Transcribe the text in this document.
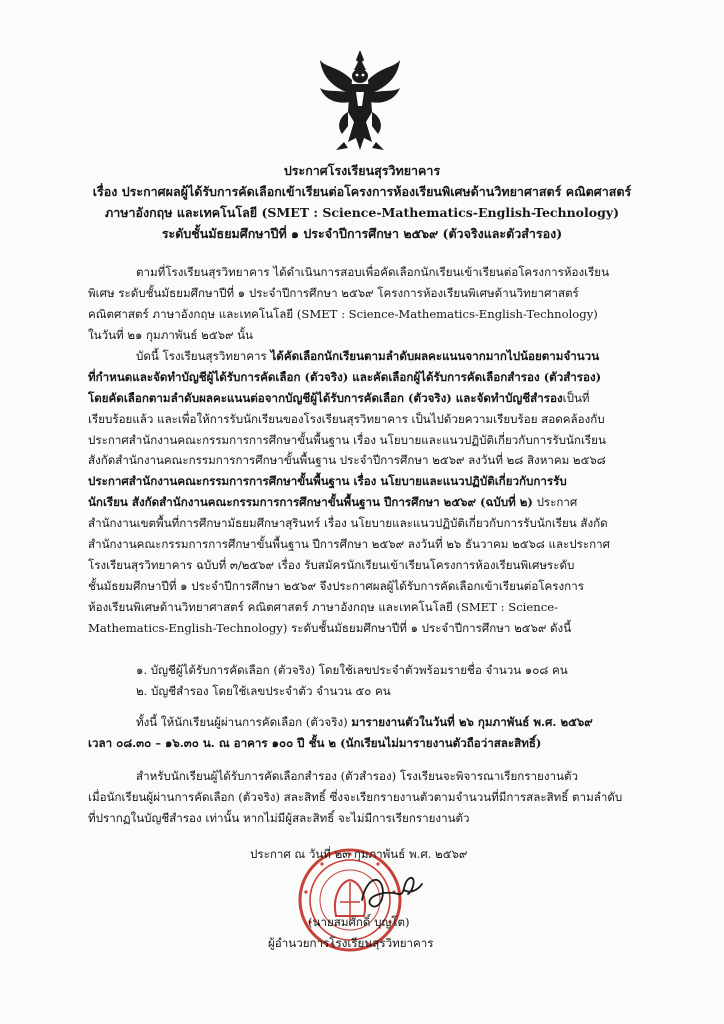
ประกาศโรงเรียนสุรวิทยาคาร
เรื่อง ประกาศผลผู้ได้รับการคัดเลือกเข้าเรียนต่อโครงการห้องเรียนพิเศษด้านวิทยาศาสตร์ คณิตศาสตร์
ภาษาอังกฤษ และเทคโนโลยี (SMET : Science-Mathematics-English-Technology)
ระดับชั้นมัธยมศึกษาปีที่ ๑ ประจำปีการศึกษา ๒๕๖๙ (ตัวจริงและตัวสำรอง)
ตามที่โรงเรียนสุรวิทยาคาร ได้ดำเนินการสอบเพื่อคัดเลือกนักเรียนเข้าเรียนต่อโครงการห้องเรียน
พิเศษ ระดับชั้นมัธยมศึกษาปีที่ ๑ ประจำปีการศึกษา ๒๕๖๙ โครงการห้องเรียนพิเศษด้านวิทยาศาสตร์
คณิตศาสตร์ ภาษาอังกฤษ และเทคโนโลยี (SMET : Science-Mathematics-English-Technology)
ในวันที่ ๒๑ กุมภาพันธ์ ๒๕๖๙ นั้น
บัดนี้ โรงเรียนสุรวิทยาคาร ได้คัดเลือกนักเรียนตามลำดับผลคะแนนจากมากไปน้อยตามจำนวน
ที่กำหนดและจัดทำบัญชีผู้ได้รับการคัดเลือก (ตัวจริง) และคัดเลือกผู้ได้รับการคัดเลือกสำรอง (ตัวสำรอง)
โดยคัดเลือกตามลำดับผลคะแนนต่อจากบัญชีผู้ได้รับการคัดเลือก (ตัวจริง) และจัดทำบัญชีสำรองเป็นที่
เรียบร้อยแล้ว และเพื่อให้การรับนักเรียนของโรงเรียนสุรวิทยาคาร เป็นไปด้วยความเรียบร้อย สอดคล้องกับ
ประกาศสำนักงานคณะกรรมการการศึกษาขั้นพื้นฐาน เรื่อง นโยบายและแนวปฏิบัติเกี่ยวกับการรับนักเรียน
สังกัดสำนักงานคณะกรรมการการศึกษาขั้นพื้นฐาน ประจำปีการศึกษา ๒๕๖๙ ลงวันที่ ๒๘ สิงหาคม ๒๕๖๘
ประกาศสำนักงานคณะกรรมการการศึกษาขั้นพื้นฐาน เรื่อง นโยบายและแนวปฏิบัติเกี่ยวกับการรับ
นักเรียน สังกัดสำนักงานคณะกรรมการการศึกษาขั้นพื้นฐาน ปีการศึกษา ๒๕๖๙ (ฉบับที่ ๒) ประกาศ
สำนักงานเขตพื้นที่การศึกษามัธยมศึกษาสุรินทร์ เรื่อง นโยบายและแนวปฏิบัติเกี่ยวกับการรับนักเรียน สังกัด
สำนักงานคณะกรรมการการศึกษาขั้นพื้นฐาน ปีการศึกษา ๒๕๖๙ ลงวันที่ ๒๖ ธันวาคม ๒๕๖๘ และประกาศ
โรงเรียนสุรวิทยาคาร ฉบับที่ ๓/๒๕๖๙ เรื่อง รับสมัครนักเรียนเข้าเรียนโครงการห้องเรียนพิเศษระดับ
ชั้นมัธยมศึกษาปีที่ ๑ ประจำปีการศึกษา ๒๕๖๙ จึงประกาศผลผู้ได้รับการคัดเลือกเข้าเรียนต่อโครงการ
ห้องเรียนพิเศษด้านวิทยาศาสตร์ คณิตศาสตร์ ภาษาอังกฤษ และเทคโนโลยี (SMET : Science-
Mathematics-English-Technology) ระดับชั้นมัธยมศึกษาปีที่ ๑ ประจำปีการศึกษา ๒๕๖๙ ดังนี้
๑. บัญชีผู้ได้รับการคัดเลือก (ตัวจริง) โดยใช้เลขประจำตัวพร้อมรายชื่อ จำนวน ๑๐๘ คน
๒. บัญชีสำรอง โดยใช้เลขประจำตัว จำนวน ๕๐ คน
ทั้งนี้ ให้นักเรียนผู้ผ่านการคัดเลือก (ตัวจริง) มารายงานตัวในวันที่ ๒๖ กุมภาพันธ์ พ.ศ. ๒๕๖๙
เวลา ๐๘.๓๐ – ๑๖.๓๐ น. ณ อาคาร ๑๐๐ ปี ชั้น ๒ (นักเรียนไม่มารายงานตัวถือว่าสละสิทธิ์)
สำหรับนักเรียนผู้ได้รับการคัดเลือกสำรอง (ตัวสำรอง) โรงเรียนจะพิจารณาเรียกรายงานตัว
เมื่อนักเรียนผู้ผ่านการคัดเลือก (ตัวจริง) สละสิทธิ์ ซึ่งจะเรียกรายงานตัวตามจำนวนที่มีการสละสิทธิ์ ตามลำดับ
ที่ปรากฏในบัญชีสำรอง เท่านั้น หากไม่มีผู้สละสิทธิ์ จะไม่มีการเรียกรายงานตัว
ประกาศ ณ วันที่ ๒๓ กุมภาพันธ์ พ.ศ. ๒๕๖๙
(นายสมศักดิ์ บุญโต)
ผู้อำนวยการโรงเรียนสุรวิทยาคาร
